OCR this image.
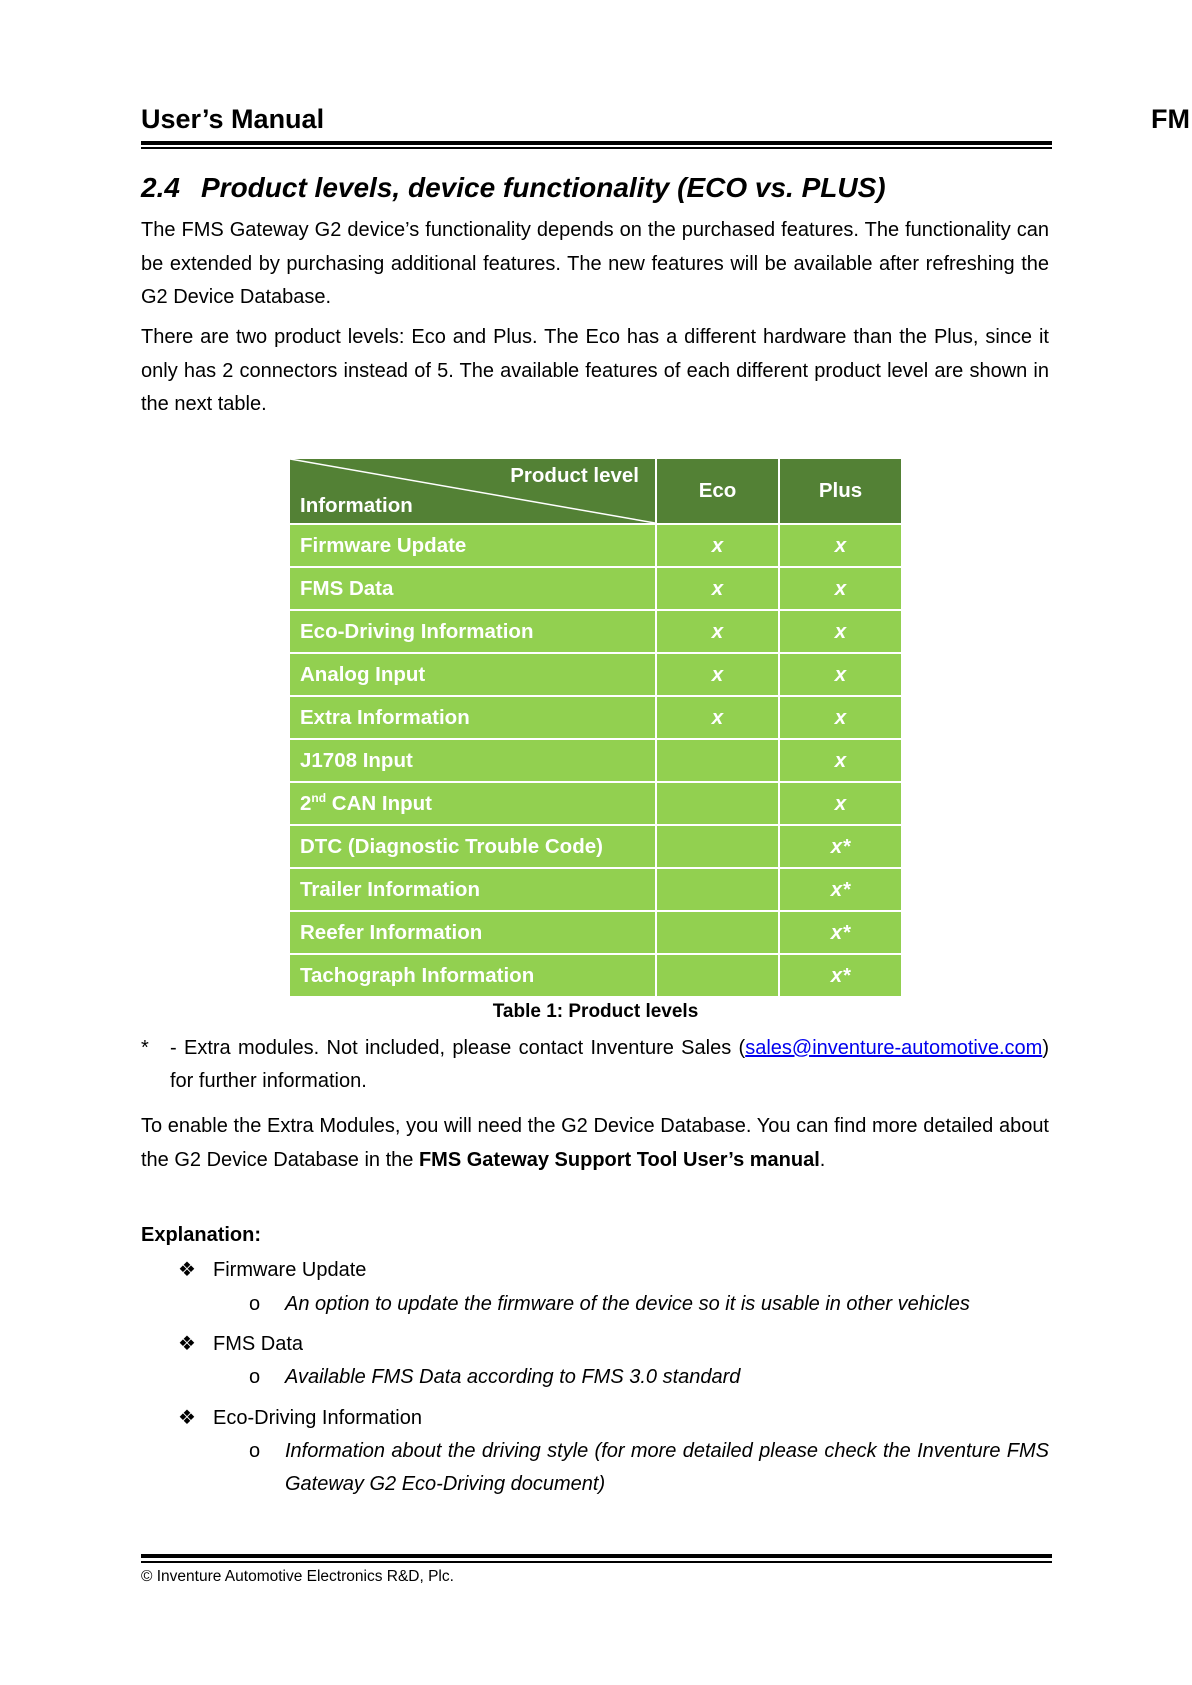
User’s Manual	FM
2.4 Product levels, device functionality (ECO vs. PLUS)

The FMS Gateway G2 device’s functionality depends on the purchased features. The functionality can be extended by purchasing additional features. The new features will be available after refreshing the G2 Device Database.

There are two product levels: Eco and Plus. The Eco has a different hardware than the Plus, since it only has 2 connectors instead of 5. The available features of each different product level are shown in the next table.

Product level
Information	Eco	Plus
Firmware Update	x	x
FMS Data	x	x
Eco-Driving Information	x	x
Analog Input	x	x
Extra Information	x	x
J1708 Input		x
2nd CAN Input		x
DTC (Diagnostic Trouble Code)		x*
Trailer Information		x*
Reefer Information		x*
Tachograph Information		x*
Table 1: Product levels
* - Extra modules. Not included, please contact Inventure Sales (sales@inventure-automotive.com) for further information.

To enable the Extra Modules, you will need the G2 Device Database. You can find more detailed about the G2 Device Database in the FMS Gateway Support Tool User’s manual.

Explanation:
❖ Firmware Update
o An option to update the firmware of the device so it is usable in other vehicles
❖ FMS Data
o Available FMS Data according to FMS 3.0 standard
❖ Eco-Driving Information
o Information about the driving style (for more detailed please check the Inventure FMS Gateway G2 Eco-Driving document)
© Inventure Automotive Electronics R&D, Plc.
